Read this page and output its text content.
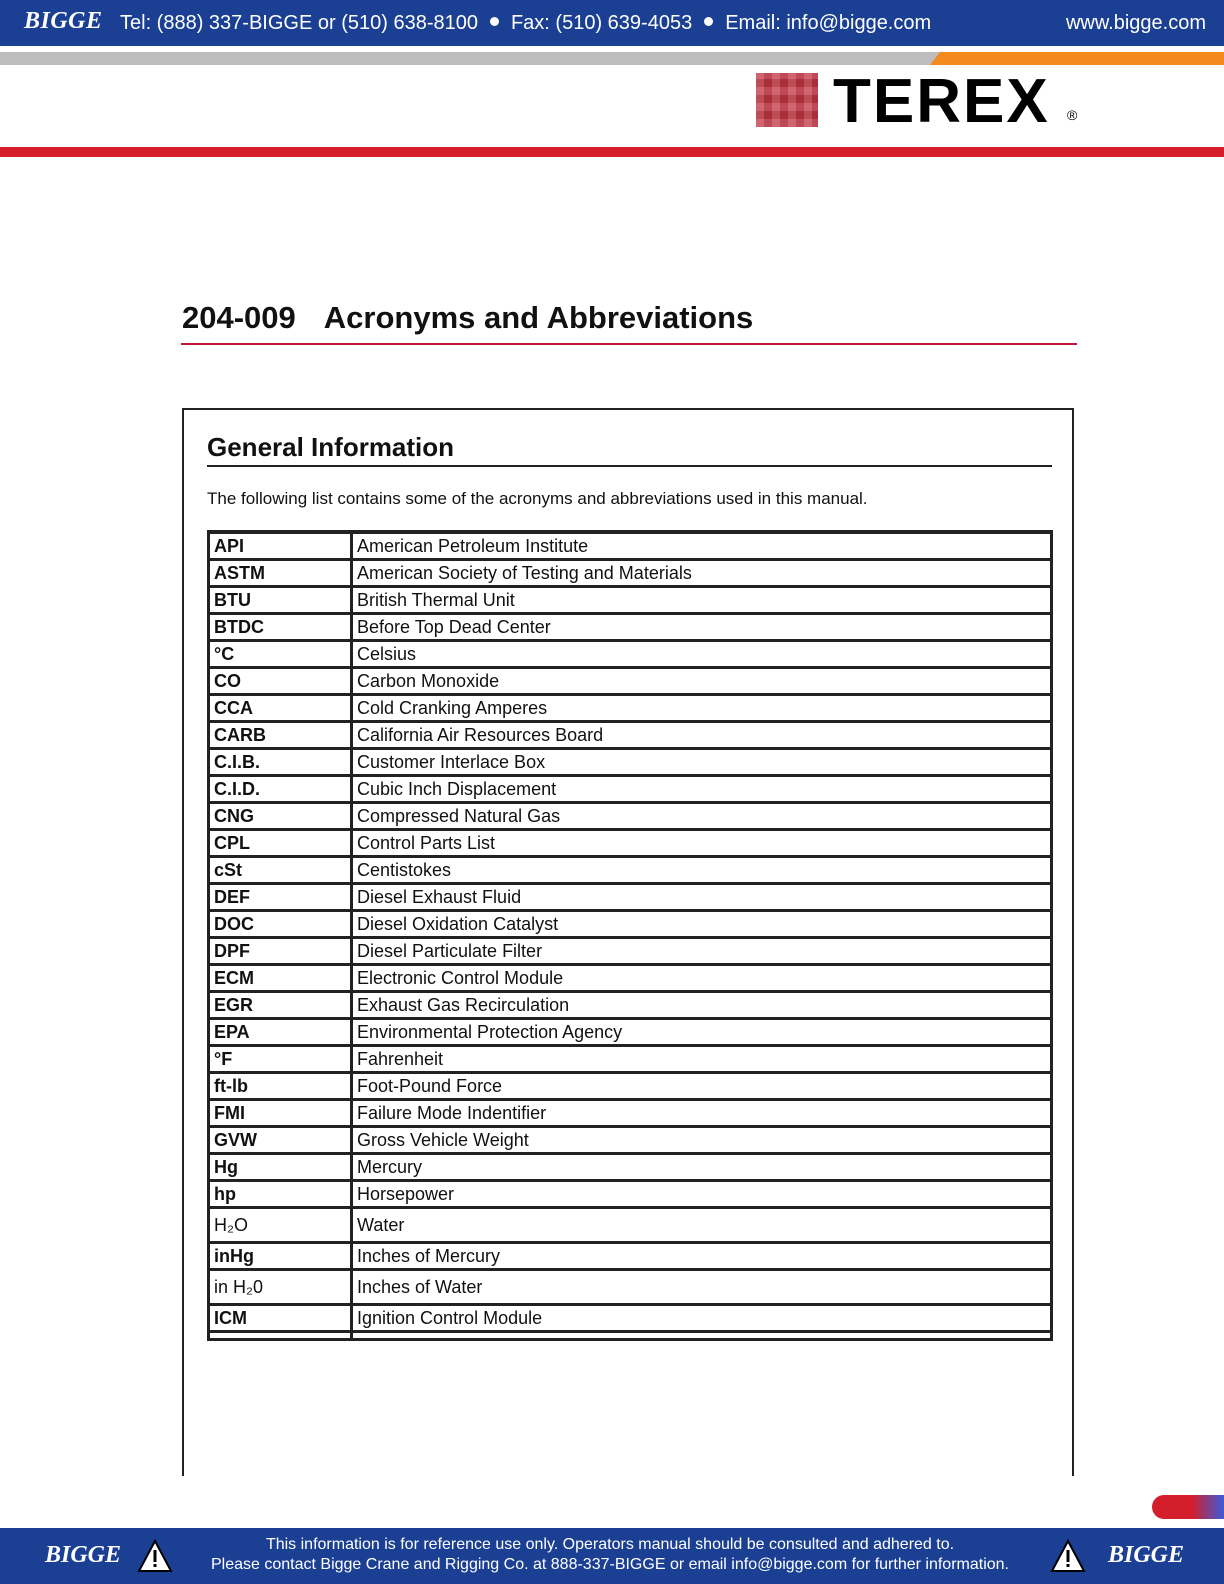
BIGGE Tel: (888) 337-BIGGE or (510) 638-8100 Fax: (510) 639-4053 Email: info@bigge.com	www.bigge.com
TEREX ®
204-009 Acronyms and Abbreviations
General Information
The following list contains some of the acronyms and abbreviations used in this manual.
API	American Petroleum Institute
ASTM	American Society of Testing and Materials
BTU	British Thermal Unit
BTDC	Before Top Dead Center
°C	Celsius
CO	Carbon Monoxide
CCA	Cold Cranking Amperes
CARB	California Air Resources Board
C.I.B.	Customer Interlace Box
C.I.D.	Cubic Inch Displacement
CNG	Compressed Natural Gas
CPL	Control Parts List
cSt	Centistokes
DEF	Diesel Exhaust Fluid
DOC	Diesel Oxidation Catalyst
DPF	Diesel Particulate Filter
ECM	Electronic Control Module
EGR	Exhaust Gas Recirculation
EPA	Environmental Protection Agency
°F	Fahrenheit
ft-lb	Foot-Pound Force
FMI	Failure Mode Indentifier
GVW	Gross Vehicle Weight
Hg	Mercury
hp	Horsepower
H₂O	Water
inHg	Inches of Mercury
in H₂0	Inches of Water
ICM	Ignition Control Module

BIGGE	This information is for reference use only. Operators manual should be consulted and adhered to.
Please contact Bigge Crane and Rigging Co. at 888-337-BIGGE or email info@bigge.com for further information.	BIGGE
